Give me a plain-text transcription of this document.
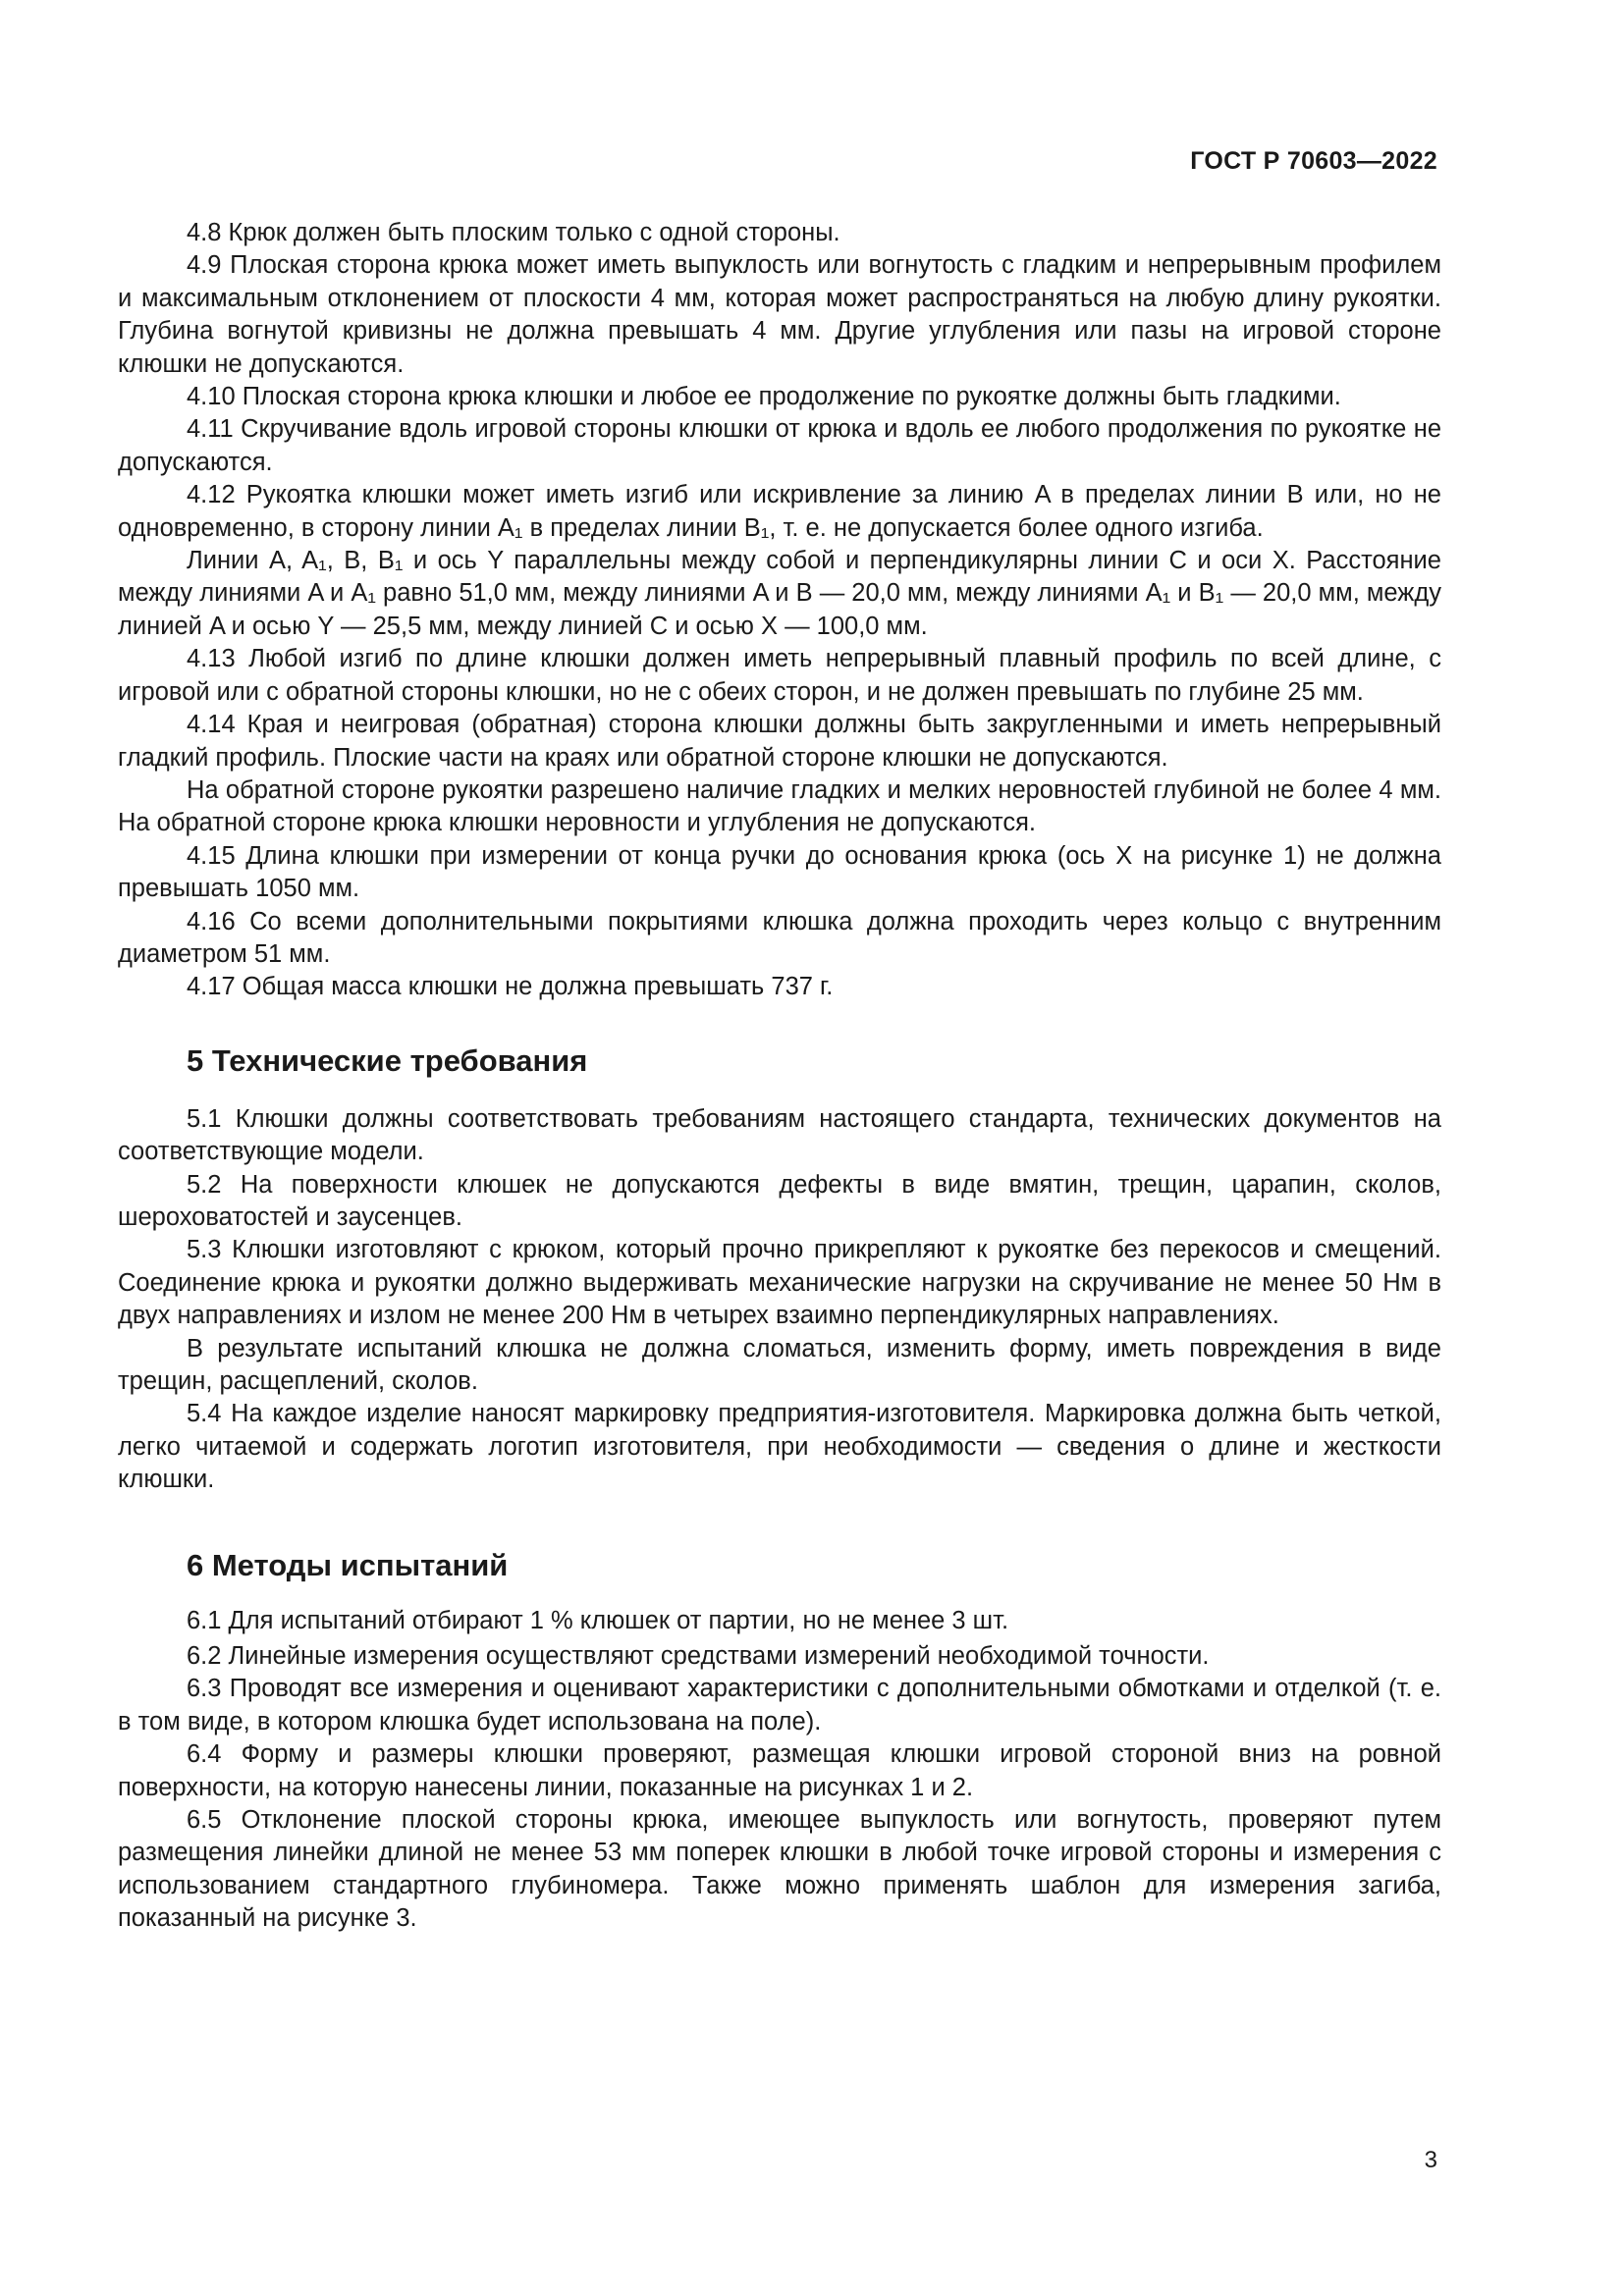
ГОСТ Р 70603—2022

4.8 Крюк должен быть плоским только с одной стороны.

4.9 Плоская сторона крюка может иметь выпуклость или вогнутость с гладким и непрерывным профилем и максимальным отклонением от плоскости 4 мм, которая может распространяться на любую длину рукоятки. Глубина вогнутой кривизны не должна превышать 4 мм. Другие углубления или пазы на игровой стороне клюшки не допускаются.

4.10 Плоская сторона крюка клюшки и любое ее продолжение по рукоятке должны быть гладкими.

4.11 Скручивание вдоль игровой стороны клюшки от крюка и вдоль ее любого продолжения по рукоятке не допускаются.

4.12 Рукоятка клюшки может иметь изгиб или искривление за линию A в пределах линии B или, но не одновременно, в сторону линии A₁ в пределах линии B₁, т. е. не допускается более одного изгиба.

Линии A, A₁, B, B₁ и ось Y параллельны между собой и перпендикулярны линии C и оси X. Расстояние между линиями A и A₁ равно 51,0 мм, между линиями A и B — 20,0 мм, между линиями A₁ и B₁ — 20,0 мм, между линией A и осью Y — 25,5 мм, между линией C и осью X — 100,0 мм.

4.13 Любой изгиб по длине клюшки должен иметь непрерывный плавный профиль по всей длине, с игровой или с обратной стороны клюшки, но не с обеих сторон, и не должен превышать по глубине 25 мм.

4.14 Края и неигровая (обратная) сторона клюшки должны быть закругленными и иметь непрерывный гладкий профиль. Плоские части на краях или обратной стороне клюшки не допускаются.

На обратной стороне рукоятки разрешено наличие гладких и мелких неровностей глубиной не более 4 мм. На обратной стороне крюка клюшки неровности и углубления не допускаются.

4.15 Длина клюшки при измерении от конца ручки до основания крюка (ось X на рисунке 1) не должна превышать 1050 мм.

4.16 Со всеми дополнительными покрытиями клюшка должна проходить через кольцо с внутренним диаметром 51 мм.

4.17 Общая масса клюшки не должна превышать 737 г.

5 Технические требования

5.1 Клюшки должны соответствовать требованиям настоящего стандарта, технических документов на соответствующие модели.

5.2 На поверхности клюшек не допускаются дефекты в виде вмятин, трещин, царапин, сколов, шероховатостей и заусенцев.

5.3 Клюшки изготовляют с крюком, который прочно прикрепляют к рукоятке без перекосов и смещений. Соединение крюка и рукоятки должно выдерживать механические нагрузки на скручивание не менее 50 Нм в двух направлениях и излом не менее 200 Нм в четырех взаимно перпендикулярных направлениях.

В результате испытаний клюшка не должна сломаться, изменить форму, иметь повреждения в виде трещин, расщеплений, сколов.

5.4 На каждое изделие наносят маркировку предприятия-изготовителя. Маркировка должна быть четкой, легко читаемой и содержать логотип изготовителя, при необходимости — сведения о длине и жесткости клюшки.

6 Методы испытаний

6.1 Для испытаний отбирают 1 % клюшек от партии, но не менее 3 шт.

6.2 Линейные измерения осуществляют средствами измерений необходимой точности.

6.3 Проводят все измерения и оценивают характеристики с дополнительными обмотками и отделкой (т. е. в том виде, в котором клюшка будет использована на поле).

6.4 Форму и размеры клюшки проверяют, размещая клюшки игровой стороной вниз на ровной поверхности, на которую нанесены линии, показанные на рисунках 1 и 2.

6.5 Отклонение плоской стороны крюка, имеющее выпуклость или вогнутость, проверяют путем размещения линейки длиной не менее 53 мм поперек клюшки в любой точке игровой стороны и измерения с использованием стандартного глубиномера. Также можно применять шаблон для измерения загиба, показанный на рисунке 3.

3
